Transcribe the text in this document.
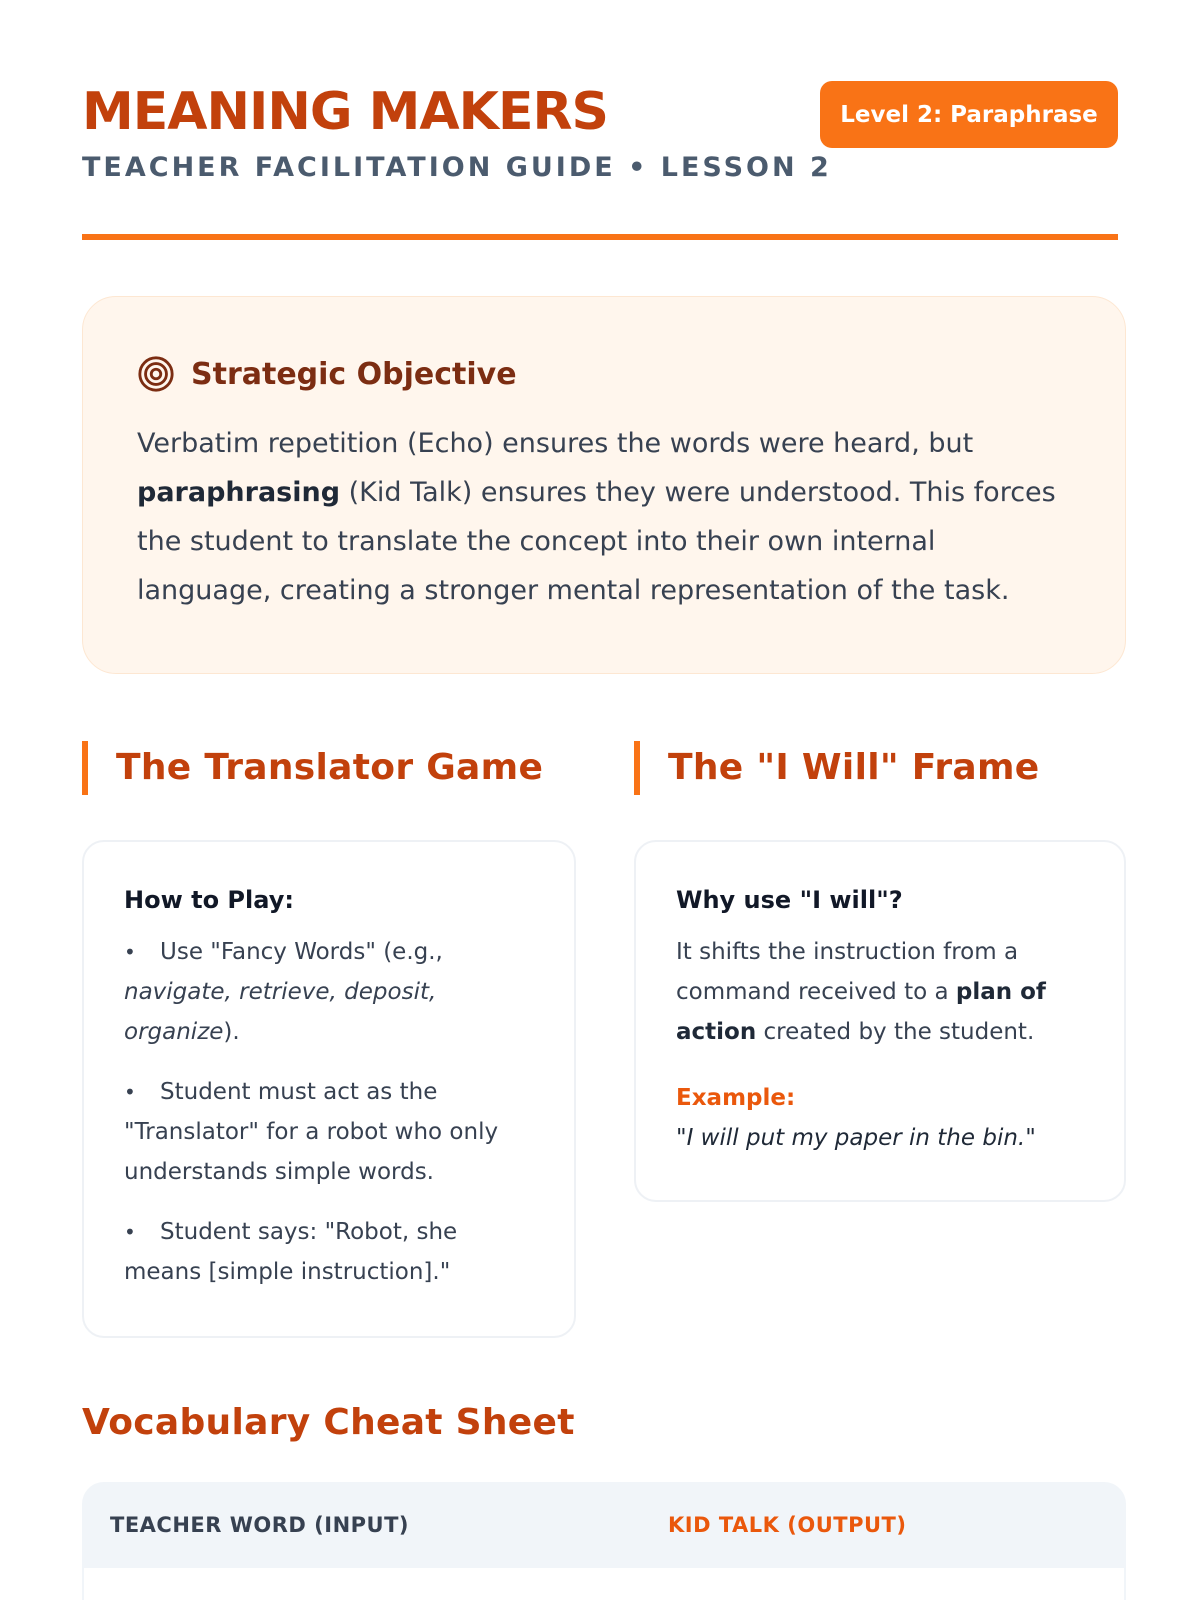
MEANING MAKERS
TEACHER FACILITATION GUIDE • LESSON 2
Level 2: Paraphrase
Strategic Objective

Verbatim repetition (Echo) ensures the words were heard, but paraphrasing (Kid Talk) ensures they were understood. This forces the student to translate the concept into their own internal language, creating a stronger mental representation of the task.

The Translator Game	The "I Will" Frame
How to Play:
• Use "Fancy Words" (e.g., navigate, retrieve, deposit, organize).
• Student must act as the "Translator" for a robot who only understands simple words.
• Student says: "Robot, she means [simple instruction]."
Why use "I will"?

It shifts the instruction from a command received to a plan of action created by the student.

Example:
"I will put my paper in the bin."
Vocabulary Cheat Sheet
TEACHER WORD (INPUT)	KID TALK (OUTPUT)
